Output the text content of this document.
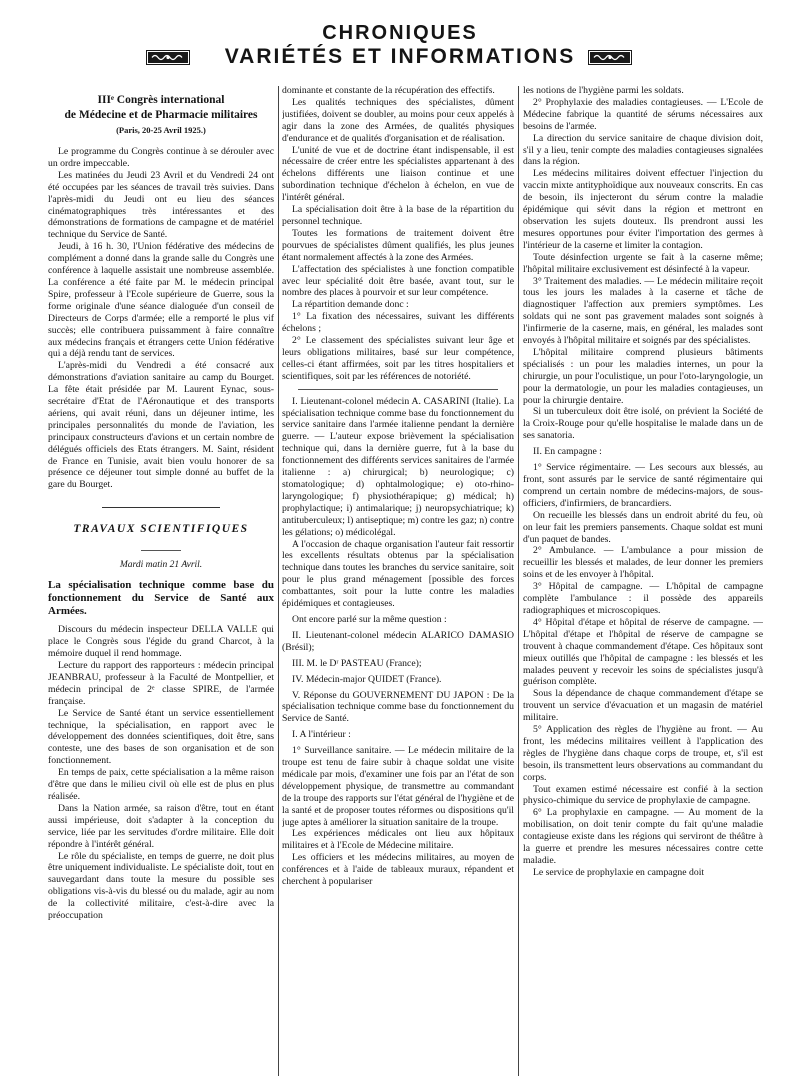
CHRONIQUES
VARIÉTÉS ET INFORMATIONS
IIIᵉ Congrès international
de Médecine et de Pharmacie militaires
(Paris, 20-25 Avril 1925.)

Le programme du Congrès continue à se dérouler avec un ordre impeccable.

Les matinées du Jeudi 23 Avril et du Vendredi 24 ont été occupées par les séances de travail très suivies. Dans l'après-midi du Jeudi ont eu lieu des séances cinématographiques très intéressantes et des démonstrations de formations de campagne et de matériel technique du Service de Santé.

Jeudi, à 16 h. 30, l'Union fédérative des médecins de complément a donné dans la grande salle du Congrès une conférence à laquelle assistait une nombreuse assemblée. La conférence a été faite par M. le médecin principal Spire, professeur à l'Ecole supérieure de Guerre, sous la forme originale d'une séance dialoguée d'un conseil de Directeurs de Corps d'armée; elle a remporté le plus vif succès; elle contribuera puissamment à faire connaître aux médecins français et étrangers cette Union fédérative qui a déjà rendu tant de services.

L'après-midi du Vendredi a été consacré aux démonstrations d'aviation sanitaire au camp du Bourget. La fête était présidée par M. Laurent Eynac, sous-secrétaire d'Etat de l'Aéronautique et des transports aériens, qui avait réuni, dans un déjeuner intime, les principales personnalités du monde de l'aviation, les principaux constructeurs d'avions et un certain nombre de délégués officiels des Etats étrangers. M. Saint, résident de France en Tunisie, avait bien voulu honorer de sa présence ce déjeuner tout simple donné au buffet de la gare du Bourget.

TRAVAUX SCIENTIFIQUES
Mardi matin 21 Avril.
La spécialisation technique comme base du fonctionnement du Service de Santé aux Armées.

Discours du médecin inspecteur DELLA VALLE qui place le Congrès sous l'égide du grand Charcot, à la mémoire duquel il rend hommage.

Lecture du rapport des rapporteurs : médecin principal JEANBRAU, professeur à la Faculté de Montpellier, et médecin principal de 2ᵉ classe SPIRE, de l'armée française.

Le Service de Santé étant un service essentiellement technique, la spécialisation, en rapport avec le développement des données scientifiques, doit être, sans conteste, une des bases de son organisation et de son fonctionnement.

En temps de paix, cette spécialisation a la même raison d'être que dans le milieu civil où elle est de plus en plus réalisée.

Dans la Nation armée, sa raison d'être, tout en étant aussi impérieuse, doit s'adapter à la conception du service, liée par les servitudes d'ordre militaire. Elle doit répondre à l'intérêt général.

Le rôle du spécialiste, en temps de guerre, ne doit plus être uniquement individualiste. Le spécialiste doit, tout en sauvegardant dans toute la mesure du possible ses obligations vis-à-vis du blessé ou du malade, agir au nom de la collectivité militaire, c'est-à-dire avec la préoccupation

dominante et constante de la récupération des effectifs.

Les qualités techniques des spécialistes, dûment justifiées, doivent se doubler, au moins pour ceux appelés à agir dans la zone des Armées, de qualités physiques d'endurance et de qualités d'organisation et de réalisation.

L'unité de vue et de doctrine étant indispensable, il est nécessaire de créer entre les spécialistes appartenant à des échelons différents une liaison continue et une subordination technique d'échelon à échelon, en vue de l'intérêt général.

La spécialisation doit être à la base de la répartition du personnel technique.

Toutes les formations de traitement doivent être pourvues de spécialistes dûment qualifiés, les plus jeunes étant normalement affectés à la zone des Armées.

L'affectation des spécialistes à une fonction compatible avec leur spécialité doit être basée, avant tout, sur le nombre des places à pourvoir et sur leur compétence.

La répartition demande donc :

1° La fixation des nécessaires, suivant les différents échelons ;

2° Le classement des spécialistes suivant leur âge et leurs obligations militaires, basé sur leur compétence, celles-ci étant affirmées, soit par les titres hospitaliers et scientifiques, soit par les références de notoriété.

I. Lieutenant-colonel médecin A. CASARINI (Italie). La spécialisation technique comme base du fonctionnement du service sanitaire dans l'armée italienne pendant la dernière guerre. — L'auteur expose brièvement la spécialisation technique qui, dans la dernière guerre, fut à la base du fonctionnement des différents services sanitaires de l'armée italienne : a) chirurgical; b) neurologique; c) stomatologique; d) ophtalmologique; e) oto-rhino-laryngologique; f) physiothérapique; g) médical; h) prophylactique; i) antimalarique; j) neuropsychiatrique; k) antituberculeux; l) antiseptique; m) contre les gaz; n) contre les gélations; o) médicolégal.

A l'occasion de chaque organisation l'auteur fait ressortir les excellents résultats obtenus par la spécialisation technique dans toutes les branches du service sanitaire, soit pour le plus grand ménagement [possible des forces combattantes, soit pour la lutte contre les maladies épidémiques et contagieuses.

Ont encore parlé sur la même question :

II. Lieutenant-colonel médecin ALARICO DAMASIO (Brésil);

III. M. le Dʳ PASTEAU (France);

IV. Médecin-major QUIDET (France).

V. Réponse du GOUVERNEMENT DU JAPON : De la spécialisation technique comme base du fonctionnement du Service de Santé.

I. A l'intérieur :

1° Surveillance sanitaire. — Le médecin militaire de la troupe est tenu de faire subir à chaque soldat une visite médicale par mois, d'examiner une fois par an l'état de son développement physique, de transmettre au commandant de la troupe des rapports sur l'état général de l'hygiène et de la santé et de proposer toutes réformes ou dispositions qu'il juge aptes à améliorer la situation sanitaire de la troupe.

Les expériences médicales ont lieu aux hôpitaux militaires et à l'Ecole de Médecine militaire.

Les officiers et les médecins militaires, au moyen de conférences et à l'aide de tableaux muraux, répandent et cherchent à populariser

les notions de l'hygiène parmi les soldats.

2° Prophylaxie des maladies contagieuses. — L'Ecole de Médecine fabrique la quantité de sérums nécessaires aux besoins de l'armée.

La direction du service sanitaire de chaque division doit, s'il y a lieu, tenir compte des maladies contagieuses signalées dans la région.

Les médecins militaires doivent effectuer l'injection du vaccin mixte antityphoïdique aux nouveaux conscrits. En cas de besoin, ils injecteront du sérum contre la maladie épidémique qui sévit dans la région et mettront en observation les sujets douteux. Ils prendront aussi les mesures opportunes pour éviter l'importation des germes à l'intérieur de la caserne et limiter la contagion.

Toute désinfection urgente se fait à la caserne même; l'hôpital militaire exclusivement est désinfecté à la vapeur.

3° Traitement des maladies. — Le médecin militaire reçoit tous les jours les malades à la caserne et tâche de diagnostiquer l'affection aux premiers symptômes. Les soldats qui ne sont pas gravement malades sont soignés à l'infirmerie de la caserne, mais, en général, les malades sont envoyés à l'hôpital militaire et soignés par des spécialistes.

L'hôpital militaire comprend plusieurs bâtiments spécialisés : un pour les maladies internes, un pour la chirurgie, un pour l'oculistique, un pour l'oto-laryngologie, un pour la dermatologie, un pour les maladies contagieuses, un pour la chirurgie dentaire.

Si un tuberculeux doit être isolé, on prévient la Société de la Croix-Rouge pour qu'elle hospitalise le malade dans un de ses sanatoria.

II. En campagne :

1° Service régimentaire. — Les secours aux blessés, au front, sont assurés par le service de santé régimentaire qui comprend un certain nombre de médecins-majors, de sous-officiers, d'infirmiers, de brancardiers.

On recueille les blessés dans un endroit abrité du feu, où on leur fait les premiers pansements. Chaque soldat est muni d'un paquet de bandes.

2° Ambulance. — L'ambulance a pour mission de recueillir les blessés et malades, de leur donner les premiers soins et de les envoyer à l'hôpital.

3° Hôpital de campagne. — L'hôpital de campagne complète l'ambulance : il possède des appareils radiographiques et microscopiques.

4° Hôpital d'étape et hôpital de réserve de campagne. — L'hôpital d'étape et l'hôpital de réserve de campagne se trouvent à chaque commandement d'étape. Ces hôpitaux sont mieux outillés que l'hôpital de campagne : les blessés et les malades peuvent y recevoir les soins de spécialistes jusqu'à guérison complète.

Sous la dépendance de chaque commandement d'étape se trouvent un service d'évacuation et un magasin de matériel militaire.

5° Application des règles de l'hygiène au front. — Au front, les médecins militaires veillent à l'application des règles de l'hygiène dans chaque corps de troupe, et, s'il est besoin, ils transmettent leurs observations au commandant du corps.

Tout examen estimé nécessaire est confié à la section physico-chimique du service de prophylaxie de campagne.

6° La prophylaxie en campagne. — Au moment de la mobilisation, on doit tenir compte du fait qu'une maladie contagieuse existe dans les régions qui serviront de théâtre à la guerre et prendre les mesures nécessaires contre cette maladie.

Le service de prophylaxie en campagne doit
